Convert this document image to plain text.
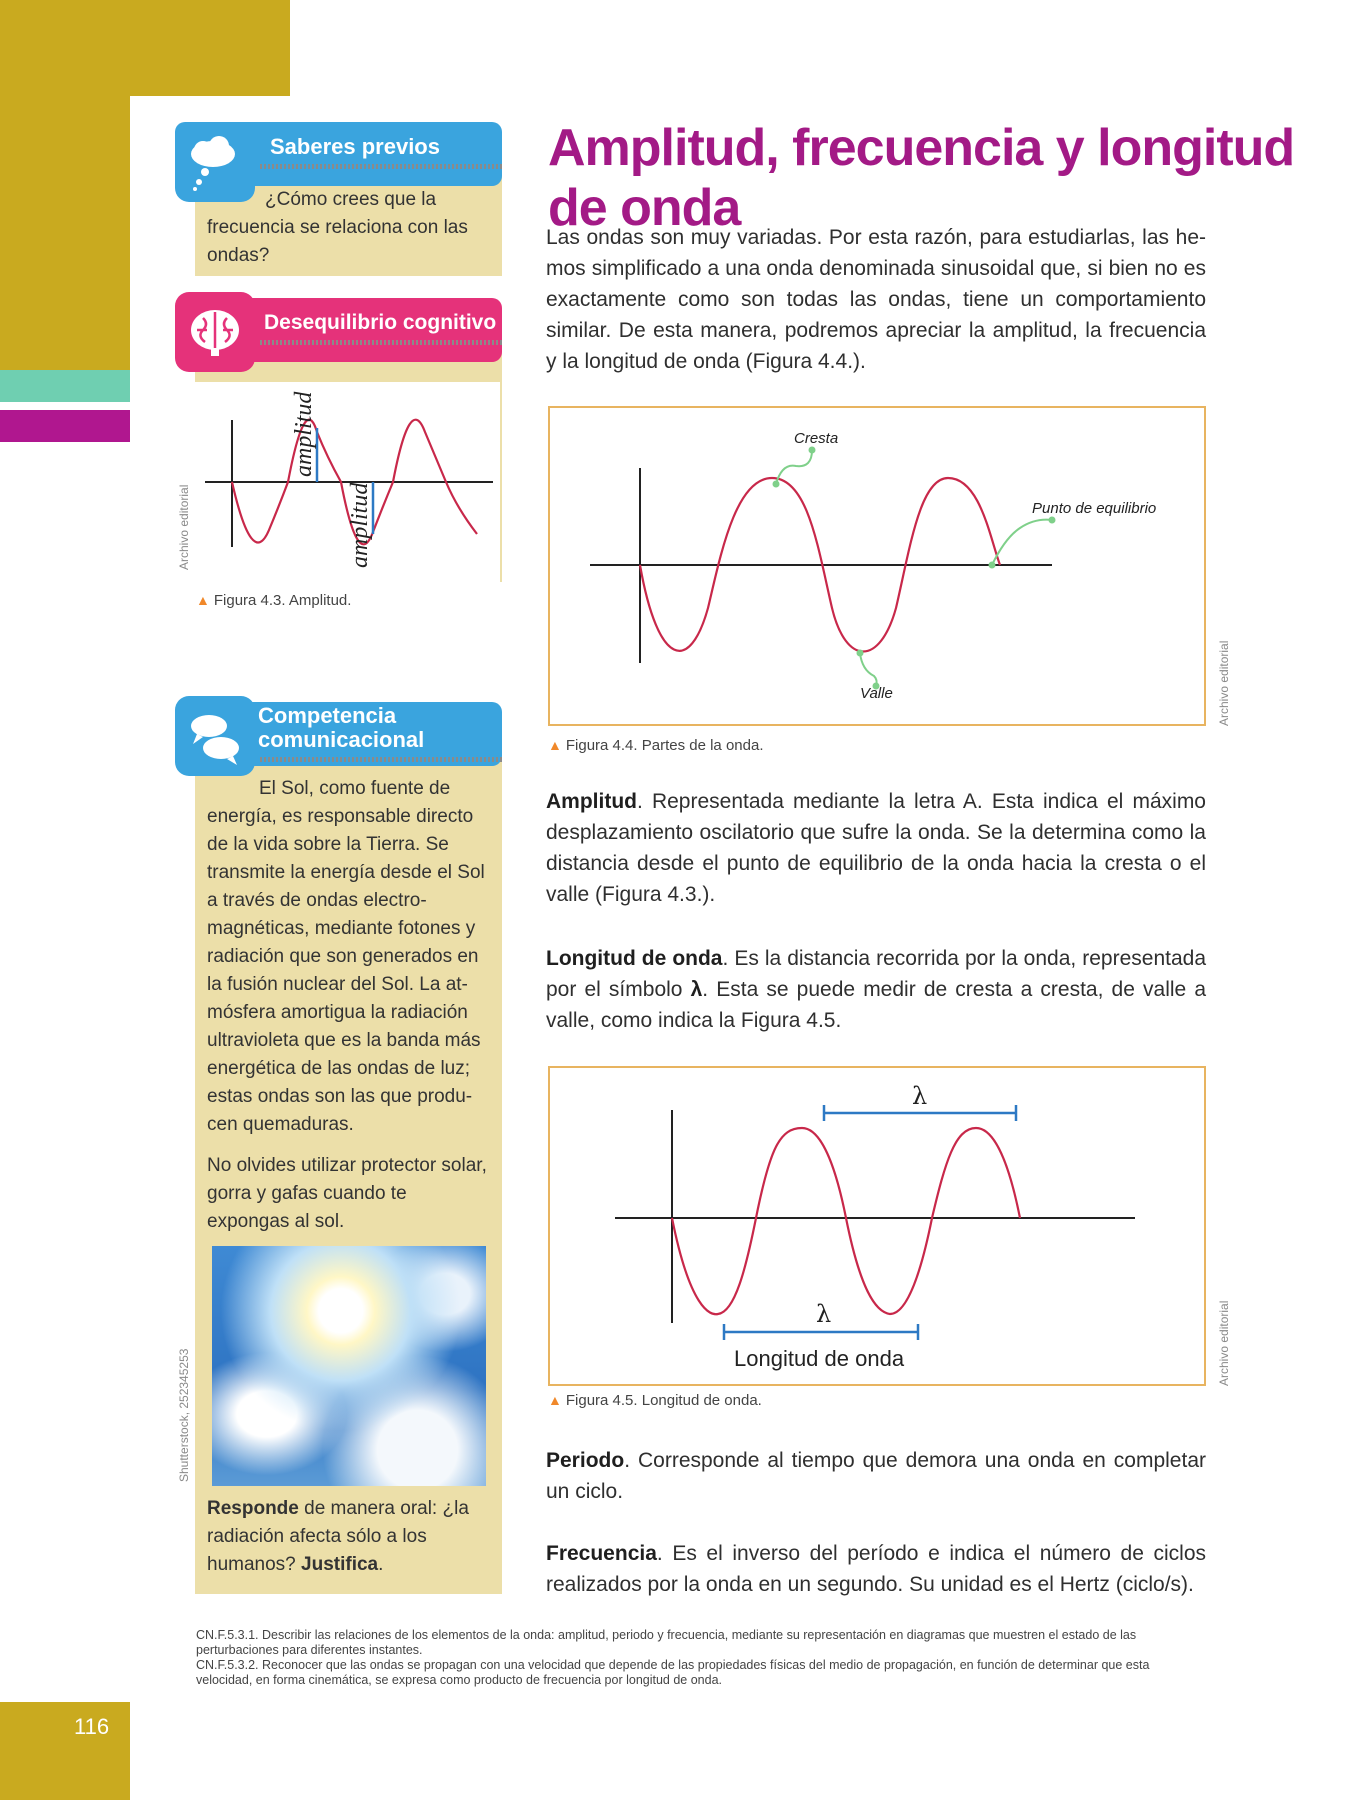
116
Saberes previos
¿Cómo crees que la frecuencia se relaciona con las ondas?
Desequilibrio cognitivo
amplitud
amplitud
Archivo editorial
▲ Figura 4.3. Amplitud.
Competencia
comunicacional
El Sol, como fuente de energía, es responsable directo de la vida sobre la Tierra. Se transmite la energía desde el Sol a través de ondas electro-magnéticas, mediante fotones y radiación que son generados en la fusión nuclear del Sol. La at-mósfera amortigua la radiación ultravioleta que es la banda más energética de las ondas de luz; estas ondas son las que produ-cen quemaduras.
No olvides utilizar protector solar, gorra y gafas cuando te expongas al sol.
Shutterstock, 252345253
Responde de manera oral: ¿la radiación afecta sólo a los humanos? Justifica.
Amplitud, frecuencia y longitud de onda
Las ondas son muy variadas. Por esta razón, para estudiarlas, las he-mos simplificado a una onda denominada sinusoidal que, si bien no es exactamente como son todas las ondas, tiene un comportamiento similar. De esta manera, podremos apreciar la amplitud, la frecuencia y la longitud de onda (Figura 4.4.).
Cresta
Punto de equilibrio
Valle	Archivo editorial
▲ Figura 4.4. Partes de la onda.
Amplitud. Representada mediante la letra A. Esta indica el máximo desplazamiento oscilatorio que sufre la onda. Se la determina como la distancia desde el punto de equilibrio de la onda hacia la cresta o el valle (Figura 4.3.).
Longitud de onda. Es la distancia recorrida por la onda, representada por el símbolo λ. Esta se puede medir de cresta a cresta, de valle a valle, como indica la Figura 4.5.
λ
λ
Longitud de onda	Archivo editorial
▲ Figura 4.5. Longitud de onda.
Periodo. Corresponde al tiempo que demora una onda en completar un ciclo.
Frecuencia. Es el inverso del período e indica el número de ciclos realizados por la onda en un segundo. Su unidad es el Hertz (ciclo/s).
CN.F.5.3.1. Describir las relaciones de los elementos de la onda: amplitud, periodo y frecuencia, mediante su representación en diagramas que muestren el estado de las perturbaciones para diferentes instantes.
CN.F.5.3.2. Reconocer que las ondas se propagan con una velocidad que depende de las propiedades físicas del medio de propagación, en función de determinar que esta velocidad, en forma cinemática, se expresa como producto de frecuencia por longitud de onda.
